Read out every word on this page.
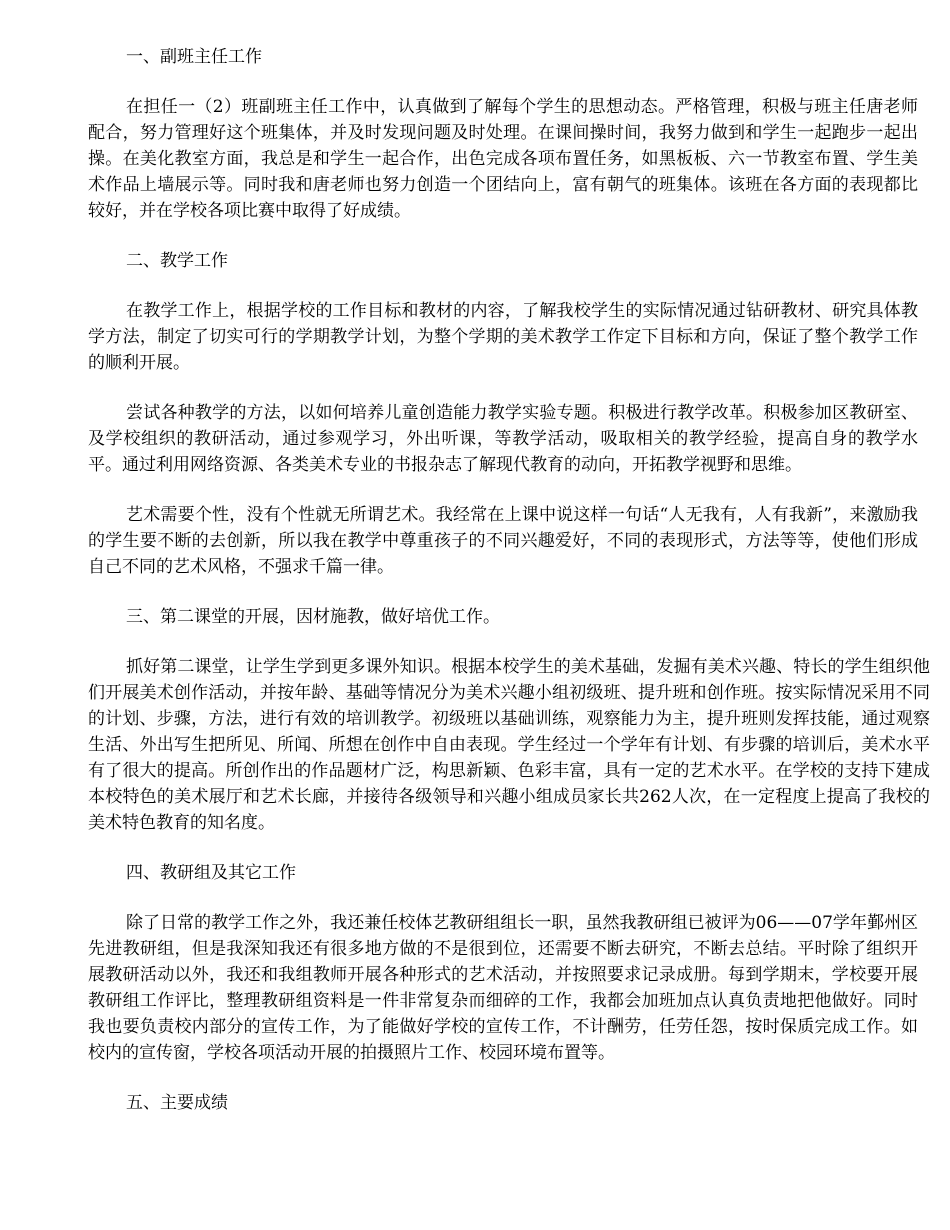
一、副班主任工作

在担任一（2）班副班主任工作中，认真做到了解每个学生的思想动态。严格管理，积极与班主任唐老师配合，努力管理好这个班集体，并及时发现问题及时处理。在课间操时间，我努力做到和学生一起跑步一起出操。在美化教室方面，我总是和学生一起合作，出色完成各项布置任务，如黑板板、六一节教室布置、学生美术作品上墙展示等。同时我和唐老师也努力创造一个团结向上，富有朝气的班集体。该班在各方面的表现都比较好，并在学校各项比赛中取得了好成绩。

二、教学工作

在教学工作上，根据学校的工作目标和教材的内容，了解我校学生的实际情况通过钻研教材、研究具体教学方法，制定了切实可行的学期教学计划，为整个学期的美术教学工作定下目标和方向，保证了整个教学工作的顺利开展。

尝试各种教学的方法，以如何培养儿童创造能力教学实验专题。积极进行教学改革。积极参加区教研室、及学校组织的教研活动，通过参观学习，外出听课，等教学活动，吸取相关的教学经验，提高自身的教学水平。通过利用网络资源、各类美术专业的书报杂志了解现代教育的动向，开拓教学视野和思维。

艺术需要个性，没有个性就无所谓艺术。我经常在上课中说这样一句话“人无我有，人有我新”，来激励我的学生要不断的去创新，所以我在教学中尊重孩子的不同兴趣爱好，不同的表现形式，方法等等，使他们形成自己不同的艺术风格，不强求千篇一律。

三、第二课堂的开展，因材施教，做好培优工作。

抓好第二课堂，让学生学到更多课外知识。根据本校学生的美术基础，发掘有美术兴趣、特长的学生组织他们开展美术创作活动，并按年龄、基础等情况分为美术兴趣小组初级班、提升班和创作班。按实际情况采用不同的计划、步骤，方法，进行有效的培训教学。初级班以基础训练，观察能力为主，提升班则发挥技能，通过观察生活、外出写生把所见、所闻、所想在创作中自由表现。学生经过一个学年有计划、有步骤的培训后，美术水平有了很大的提高。所创作出的作品题材广泛，构思新颖、色彩丰富，具有一定的艺术水平。在学校的支持下建成本校特色的美术展厅和艺术长廊，并接待各级领导和兴趣小组成员家长共262人次，在一定程度上提高了我校的美术特色教育的知名度。

四、教研组及其它工作

除了日常的教学工作之外，我还兼任校体艺教研组组长一职，虽然我教研组已被评为06——07学年鄞州区先进教研组，但是我深知我还有很多地方做的不是很到位，还需要不断去研究，不断去总结。平时除了组织开展教研活动以外，我还和我组教师开展各种形式的艺术活动，并按照要求记录成册。每到学期末，学校要开展教研组工作评比，整理教研组资料是一件非常复杂而细碎的工作，我都会加班加点认真负责地把他做好。同时我也要负责校内部分的宣传工作，为了能做好学校的宣传工作，不计酬劳，任劳任怨，按时保质完成工作。如校内的宣传窗，学校各项活动开展的拍摄照片工作、校园环境布置等。

五、主要成绩
